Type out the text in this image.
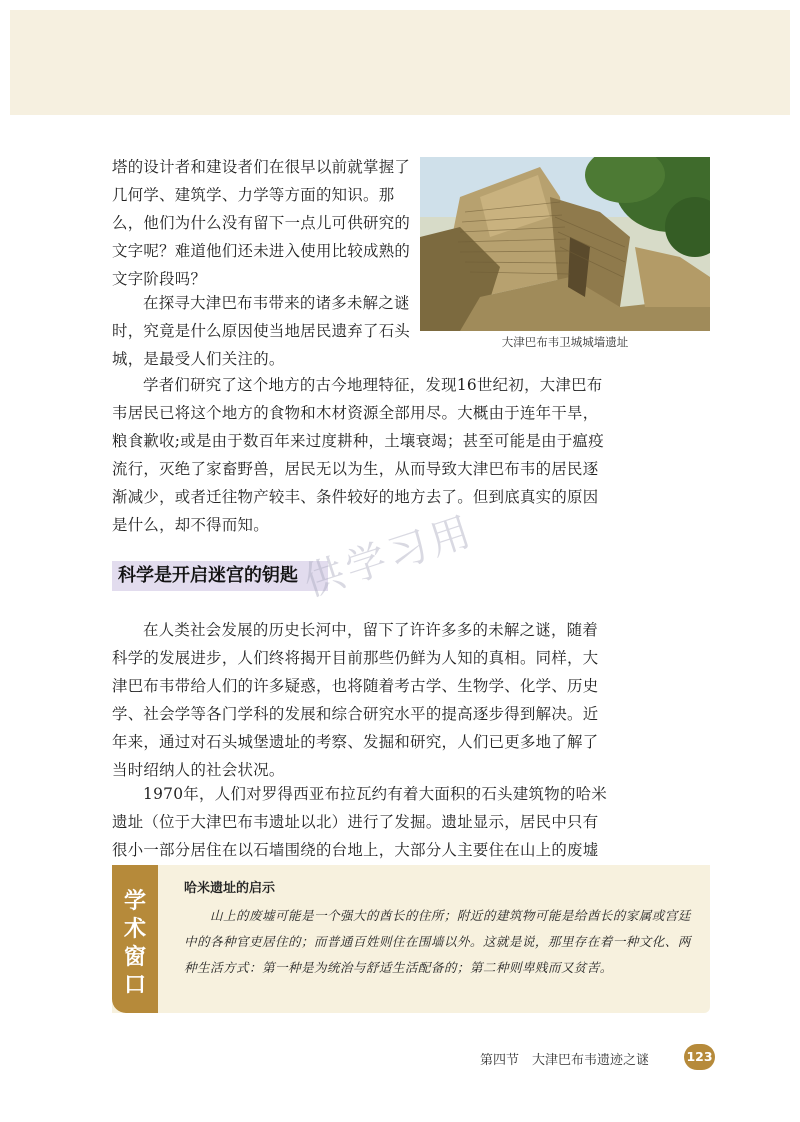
塔的设计者和建设者们在很早以前就掌握了几何学、建筑学、力学等方面的知识。那么，他们为什么没有留下一点儿可供研究的文字呢？难道他们还未进入使用比较成熟的文字阶段吗？

在探寻大津巴布韦带来的诸多未解之谜时，究竟是什么原因使当地居民遗弃了石头城，是最受人们关注的。

大津巴布韦卫城城墙遗址

学者们研究了这个地方的古今地理特征，发现16世纪初，大津巴布韦居民已将这个地方的食物和木材资源全部用尽。大概由于连年干旱，粮食歉收;或是由于数百年来过度耕种，土壤衰竭；甚至可能是由于瘟疫流行，灭绝了家畜野兽，居民无以为生，从而导致大津巴布韦的居民逐渐减少，或者迁往物产较丰、条件较好的地方去了。但到底真实的原因是什么，却不得而知。

科学是开启迷宫的钥匙 供学习用

在人类社会发展的历史长河中，留下了许许多多的未解之谜，随着科学的发展进步，人们终将揭开目前那些仍鲜为人知的真相。同样，大津巴布韦带给人们的许多疑惑，也将随着考古学、生物学、化学、历史学、社会学等各门学科的发展和综合研究水平的提高逐步得到解决。近年来，通过对石头城堡遗址的考察、发掘和研究，人们已更多地了解了当时绍纳人的社会状况。

1970年，人们对罗得西亚布拉瓦约有着大面积的石头建筑物的哈米遗址（位于大津巴布韦遗址以北）进行了发掘。遗址显示，居民中只有很小一部分居住在以石墙围绕的台地上，大部分人主要住在山上的废墟

学术窗口
哈米遗址的启示

山上的废墟可能是一个强大的酋长的住所；附近的建筑物可能是给酋长的家属或宫廷中的各种官吏居住的；而普通百姓则住在围墙以外。这就是说，那里存在着一种文化、两种生活方式：第一种是为统治与舒适生活配备的；第二种则卑贱而又贫苦。

第四节　大津巴布韦遗迹之谜	123
